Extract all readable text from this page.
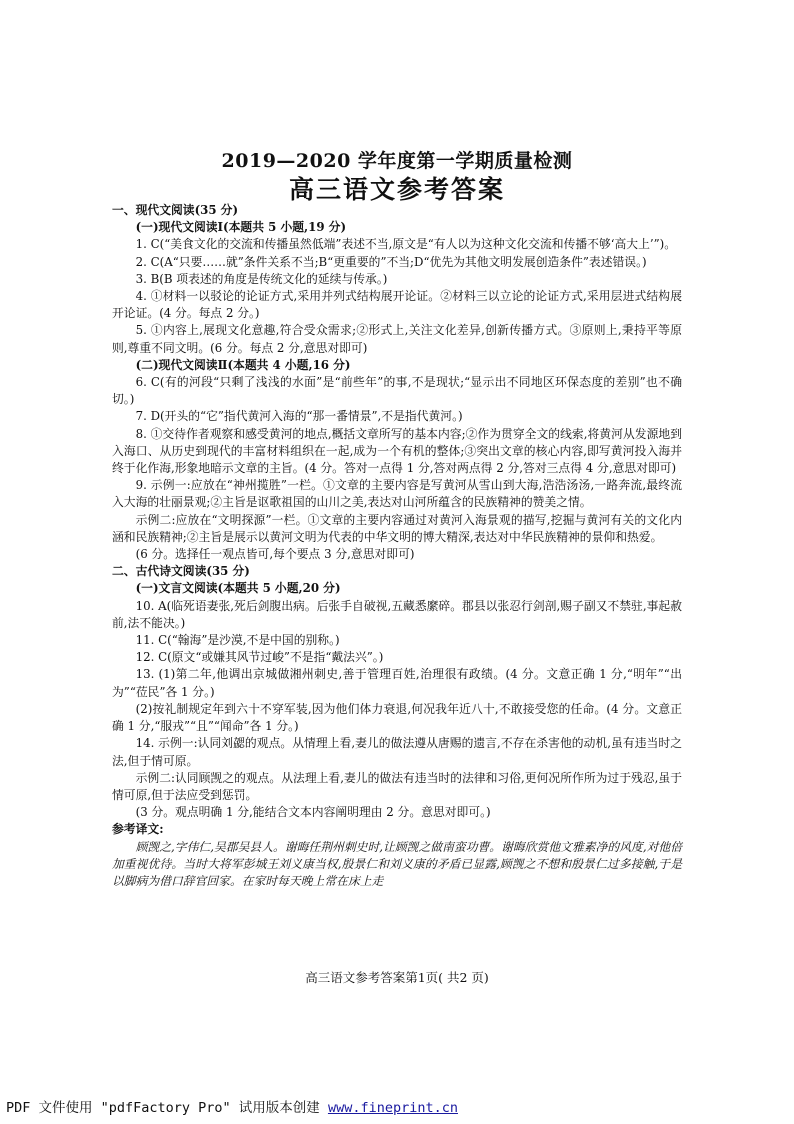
2019—2020 学年度第一学期质量检测
高三语文参考答案

一、现代文阅读(35 分)

(一)现代文阅读Ⅰ(本题共 5 小题,19 分)

1. C(“美食文化的交流和传播虽然低端”表述不当,原文是“有人以为这种文化交流和传播不够‘高大上’”)。

2. C(A“只要……就”条件关系不当;B“更重要的”不当;D“优先为其他文明发展创造条件”表述错误。)

3. B(B 项表述的角度是传统文化的延续与传承。)

4. ①材料一以驳论的论证方式,采用并列式结构展开论证。②材料三以立论的论证方式,采用层进式结构展开论证。(4 分。每点 2 分。)

5. ①内容上,展现文化意趣,符合受众需求;②形式上,关注文化差异,创新传播方式。③原则上,秉持平等原则,尊重不同文明。(6 分。每点 2 分,意思对即可)

(二)现代文阅读Ⅱ(本题共 4 小题,16 分)

6. C(有的河段“只剩了浅浅的水面”是“前些年”的事,不是现状;“显示出不同地区环保态度的差别”也不确切。)

7. D(开头的“它”指代黄河入海的“那一番情景”,不是指代黄河。)

8. ①交待作者观察和感受黄河的地点,概括文章所写的基本内容;②作为贯穿全文的线索,将黄河从发源地到入海口、从历史到现代的丰富材料组织在一起,成为一个有机的整体;③突出文章的核心内容,即写黄河投入海并终于化作海,形象地暗示文章的主旨。(4 分。答对一点得 1 分,答对两点得 2 分,答对三点得 4 分,意思对即可)

9. 示例一:应放在“神州揽胜”一栏。①文章的主要内容是写黄河从雪山到大海,浩浩汤汤,一路奔流,最终流入大海的壮丽景观;②主旨是讴歌祖国的山川之美,表达对山河所蕴含的民族精神的赞美之情。

示例二:应放在“文明探源”一栏。①文章的主要内容通过对黄河入海景观的描写,挖掘与黄河有关的文化内涵和民族精神;②主旨是展示以黄河文明为代表的中华文明的博大精深,表达对中华民族精神的景仰和热爱。

(6 分。选择任一观点皆可,每个要点 3 分,意思对即可)

二、古代诗文阅读(35 分)

(一)文言文阅读(本题共 5 小题,20 分)

10. A(临死语妻张,死后剑腹出病。后张手自破视,五藏悉縻碎。郡县以张忍行剑剖,赐子副又不禁驻,事起赦前,法不能决。)

11. C(“翰海”是沙漠,不是中国的别称。)

12. C(原文“或嫌其风节过峻”不是指“戴法兴”。)

13. (1)第二年,他调出京城做湘州刺史,善于管理百姓,治理很有政绩。(4 分。文意正确 1 分,“明年”“出为”“莅民”各 1 分。)

(2)按礼制规定年到六十不穿军装,因为他们体力衰退,何况我年近八十,不敢接受您的任命。(4 分。文意正确 1 分,“服戎”“且”“闻命”各 1 分。)

14. 示例一:认同刘勰的观点。从情理上看,妻儿的做法遵从唐赐的遗言,不存在杀害他的动机,虽有违当时之法,但于情可原。

示例二:认同顾觊之的观点。从法理上看,妻儿的做法有违当时的法律和习俗,更何况所作所为过于残忍,虽于情可原,但于法应受到惩罚。

(3 分。观点明确 1 分,能结合文本内容阐明理由 2 分。意思对即可。)

参考译文:

顾觊之,字伟仁,吴郡吴县人。谢晦任荆州刺史时,让顾觊之做南蛮功曹。谢晦欣赏他文雅素净的风度,对他倍加重视优待。当时大将军彭城王刘义康当权,殷景仁和刘义康的矛盾已显露,顾觊之不想和殷景仁过多接触,于是以脚病为借口辞官回家。在家时每天晚上常在床上走

高三语文参考答案第1页( 共2 页)
PDF 文件使用 "pdfFactory Pro" 试用版本创建 www.fineprint.cn
